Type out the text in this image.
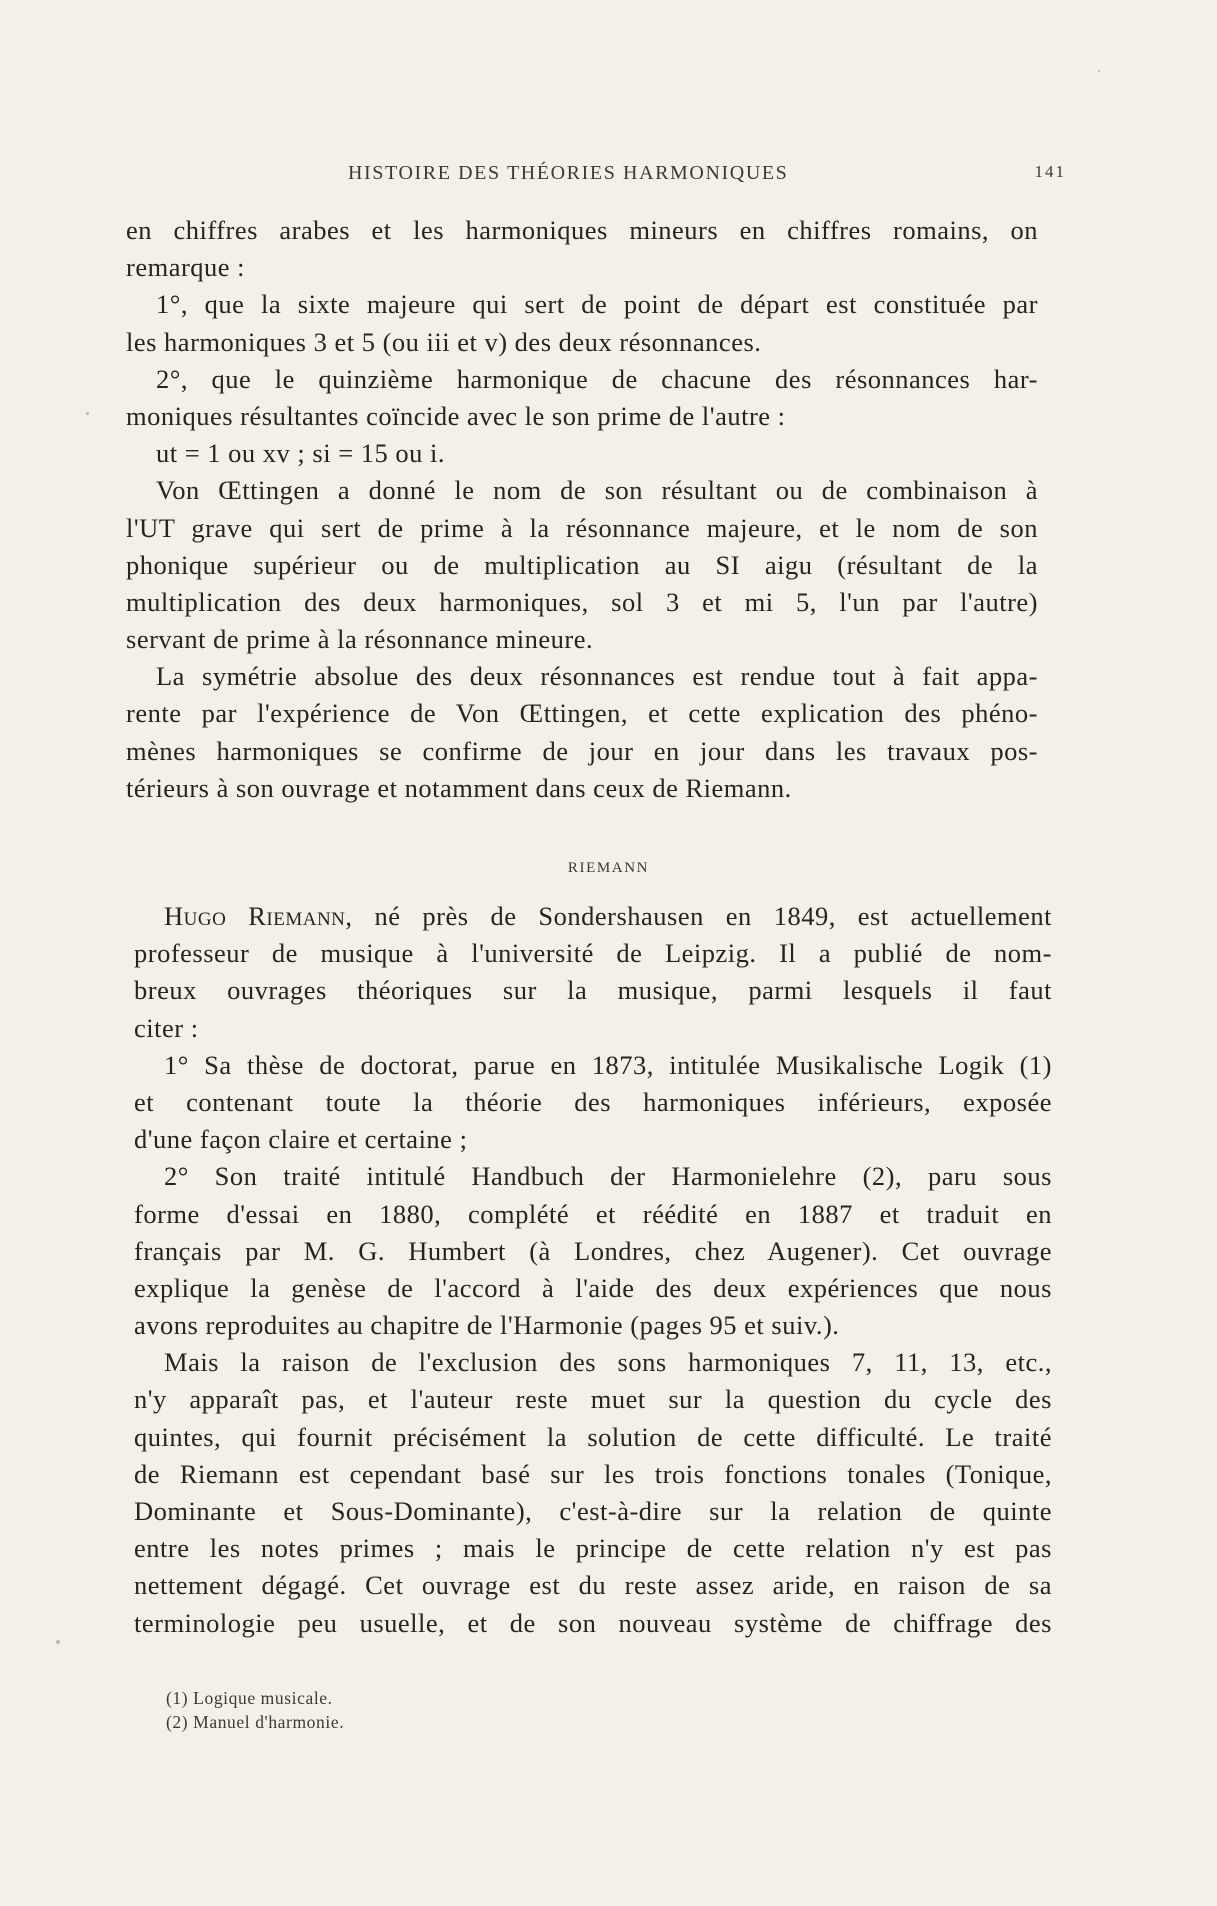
HISTOIRE DES THÉORIES HARMONIQUES	141
en chiffres arabes et les harmoniques mineurs en chiffres romains, on
remarque :
1°, que la sixte majeure qui sert de point de départ est constituée par
les harmoniques 3 et 5 (ou iii et v) des deux résonnances.
2°, que le quinzième harmonique de chacune des résonnances har-
moniques résultantes coïncide avec le son prime de l'autre :
ut = 1 ou xv ; si = 15 ou i.
Von Œttingen a donné le nom de son résultant ou de combinaison à
l'UT grave qui sert de prime à la résonnance majeure, et le nom de son
phonique supérieur ou de multiplication au SI aigu (résultant de la
multiplication des deux harmoniques, sol 3 et mi 5, l'un par l'autre)
servant de prime à la résonnance mineure.
La symétrie absolue des deux résonnances est rendue tout à fait appa-
rente par l'expérience de Von Œttingen, et cette explication des phéno-
mènes harmoniques se confirme de jour en jour dans les travaux pos-
térieurs à son ouvrage et notamment dans ceux de Riemann.
RIEMANN
Hugo Riemann, né près de Sondershausen en 1849, est actuellement
professeur de musique à l'université de Leipzig. Il a publié de nom-
breux ouvrages théoriques sur la musique, parmi lesquels il faut
citer :
1° Sa thèse de doctorat, parue en 1873, intitulée Musikalische Logik (1)
et contenant toute la théorie des harmoniques inférieurs, exposée
d'une façon claire et certaine ;
2° Son traité intitulé Handbuch der Harmonielehre (2), paru sous
forme d'essai en 1880, complété et réédité en 1887 et traduit en
français par M. G. Humbert (à Londres, chez Augener). Cet ouvrage
explique la genèse de l'accord à l'aide des deux expériences que nous
avons reproduites au chapitre de l'Harmonie (pages 95 et suiv.).
Mais la raison de l'exclusion des sons harmoniques 7, 11, 13, etc.,
n'y apparaît pas, et l'auteur reste muet sur la question du cycle des
quintes, qui fournit précisément la solution de cette difficulté. Le traité
de Riemann est cependant basé sur les trois fonctions tonales (Tonique,
Dominante et Sous-Dominante), c'est-à-dire sur la relation de quinte
entre les notes primes ; mais le principe de cette relation n'y est pas
nettement dégagé. Cet ouvrage est du reste assez aride, en raison de sa
terminologie peu usuelle, et de son nouveau système de chiffrage des
(1) Logique musicale.
(2) Manuel d'harmonie.
